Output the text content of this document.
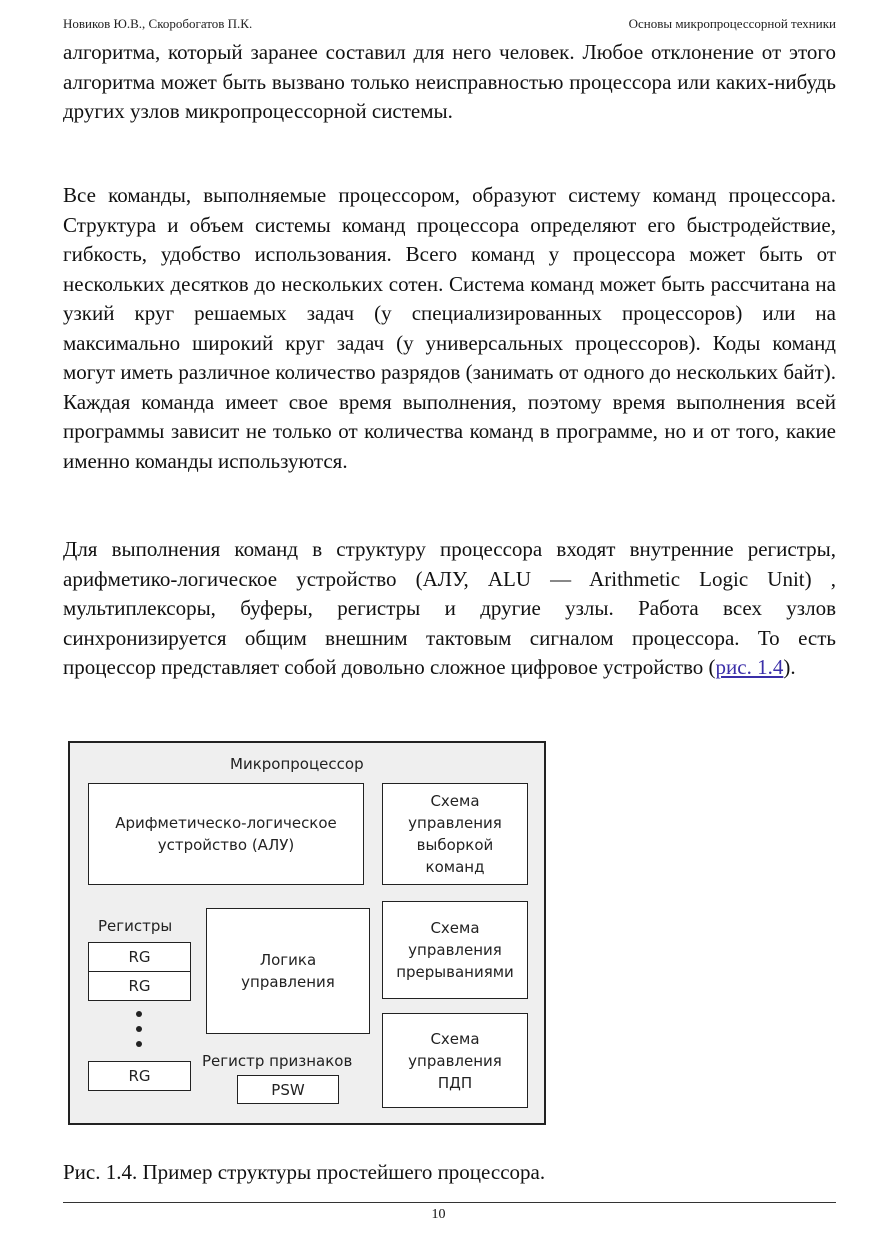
Новиков Ю.В., Скоробогатов П.К.	Основы микропроцессорной техники

алгоритма, который заранее составил для него человек. Любое отклонение от этого алгоритма может быть вызвано только неисправностью процессора или каких-нибудь других узлов микропроцессорной системы.

Все команды, выполняемые процессором, образуют систему команд процессора. Структура и объем системы команд процессора определяют его быстродействие, гибкость, удобство использования. Всего команд у процессора может быть от нескольких десятков до нескольких сотен. Система команд может быть рассчитана на узкий круг решаемых задач (у специализированных процессоров) или на максимально широкий круг задач (у универсальных процессоров). Коды команд могут иметь различное количество разрядов (занимать от одного до нескольких байт). Каждая команда имеет свое время выполнения, поэтому время выполнения всей программы зависит не только от количества команд в программе, но и от того, какие именно команды используются.

Для выполнения команд в структуру процессора входят внутренние регистры, арифметико-логическое устройство (АЛУ, ALU — Arithmetic Logic Unit) , мультиплексоры, буферы, регистры и другие узлы. Работа всех узлов синхронизируется общим внешним тактовым сигналом процессора. То есть процессор представляет собой довольно сложное цифровое устройство (рис. 1.4).

Микропроцессор
Арифметическо-логическое
устройство (АЛУ)
Схема
управления
выборкой
команд
Регистры
RG
RG
RG
Логика
управления
Схема
управления
прерываниями
Регистр признаков
PSW
Схема
управления
ПДП
Рис. 1.4. Пример структуры простейшего процессора.
10
